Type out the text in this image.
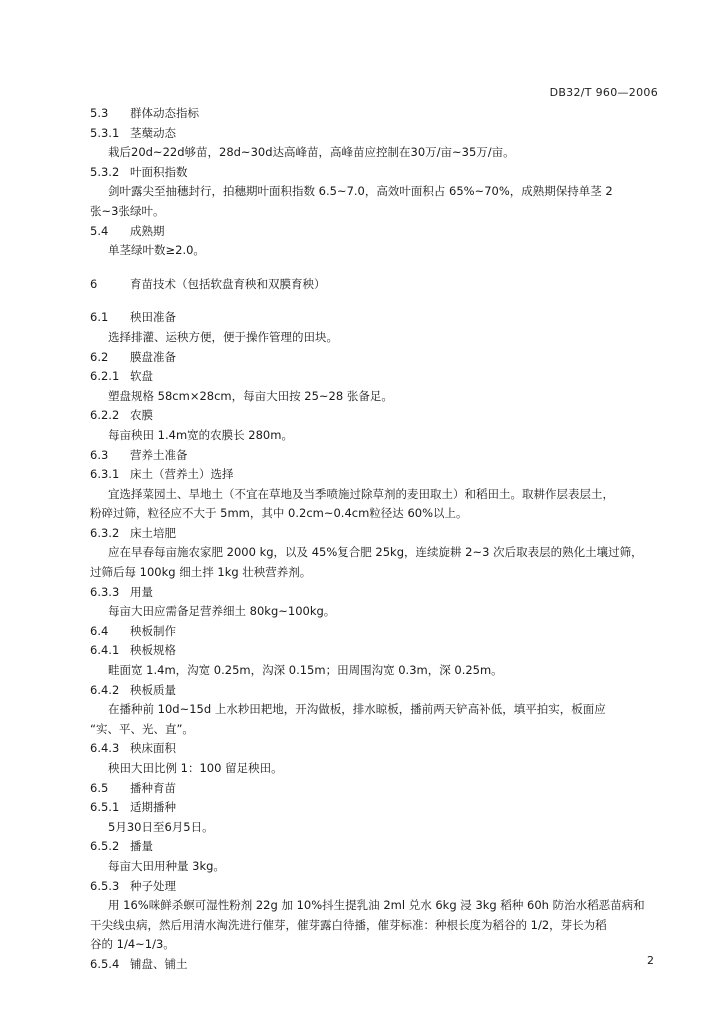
DB32/T 960—2006
5.3 群体动态指标
5.3.1 茎蘖动态
栽后20d~22d够苗，28d~30d达高峰苗，高峰苗应控制在30万/亩~35万/亩。
5.3.2 叶面积指数
剑叶露尖至抽穗封行，拍穗期叶面积指数 6.5~7.0，高效叶面积占 65%~70%，成熟期保持单茎 2
张~3张绿叶。
5.4 成熟期
单茎绿叶数≥2.0。
6	育苗技术（包括软盘育秧和双膜育秧）
6.1 秧田准备
选择排灌、运秧方便，便于操作管理的田块。
6.2 膜盘准备
6.2.1 软盘
塑盘规格 58cm×28cm，每亩大田按 25~28 张备足。
6.2.2 农膜
每亩秧田 1.4m宽的农膜长 280m。
6.3 营养土准备
6.3.1 床土（营养土）选择
宜选择菜园土、旱地土（不宜在草地及当季喷施过除草剂的麦田取土）和稻田土。取耕作层表层土，
粉碎过筛，粒径应不大于 5mm，其中 0.2cm~0.4cm粒径达 60%以上。
6.3.2 床土培肥
应在早春每亩施农家肥 2000 kg，以及 45%复合肥 25kg，连续旋耕 2~3 次后取表层的熟化土壤过筛，
过筛后每 100kg 细土拌 1kg 壮秧营养剂。
6.3.3 用量
每亩大田应需备足营养细土 80kg~100kg。
6.4 秧板制作
6.4.1 秧板规格
畦面宽 1.4m，沟宽 0.25m，沟深 0.15m；田周围沟宽 0.3m，深 0.25m。
6.4.2 秧板质量
在播种前 10d~15d 上水耖田耙地，开沟做板，排水晾板，播前两天铲高补低，填平拍实，板面应
“实、平、光、直”。
6.4.3 秧床面积
秧田大田比例 1：100 留足秧田。
6.5 播种育苗
6.5.1 适期播种
5月30日至6月5日。
6.5.2 播量
每亩大田用种量 3kg。
6.5.3 种子处理
用 16%咪鲜杀螟可湿性粉剂 22g 加 10%抖生提乳油 2ml 兑水 6kg 浸 3kg 稻种 60h 防治水稻恶苗病和
干尖线虫病，然后用清水淘洗进行催芽，催芽露白待播，催芽标准：种根长度为稻谷的 1/2，芽长为稻
谷的 1/4~1/3。
6.5.4 铺盘、铺土	2
